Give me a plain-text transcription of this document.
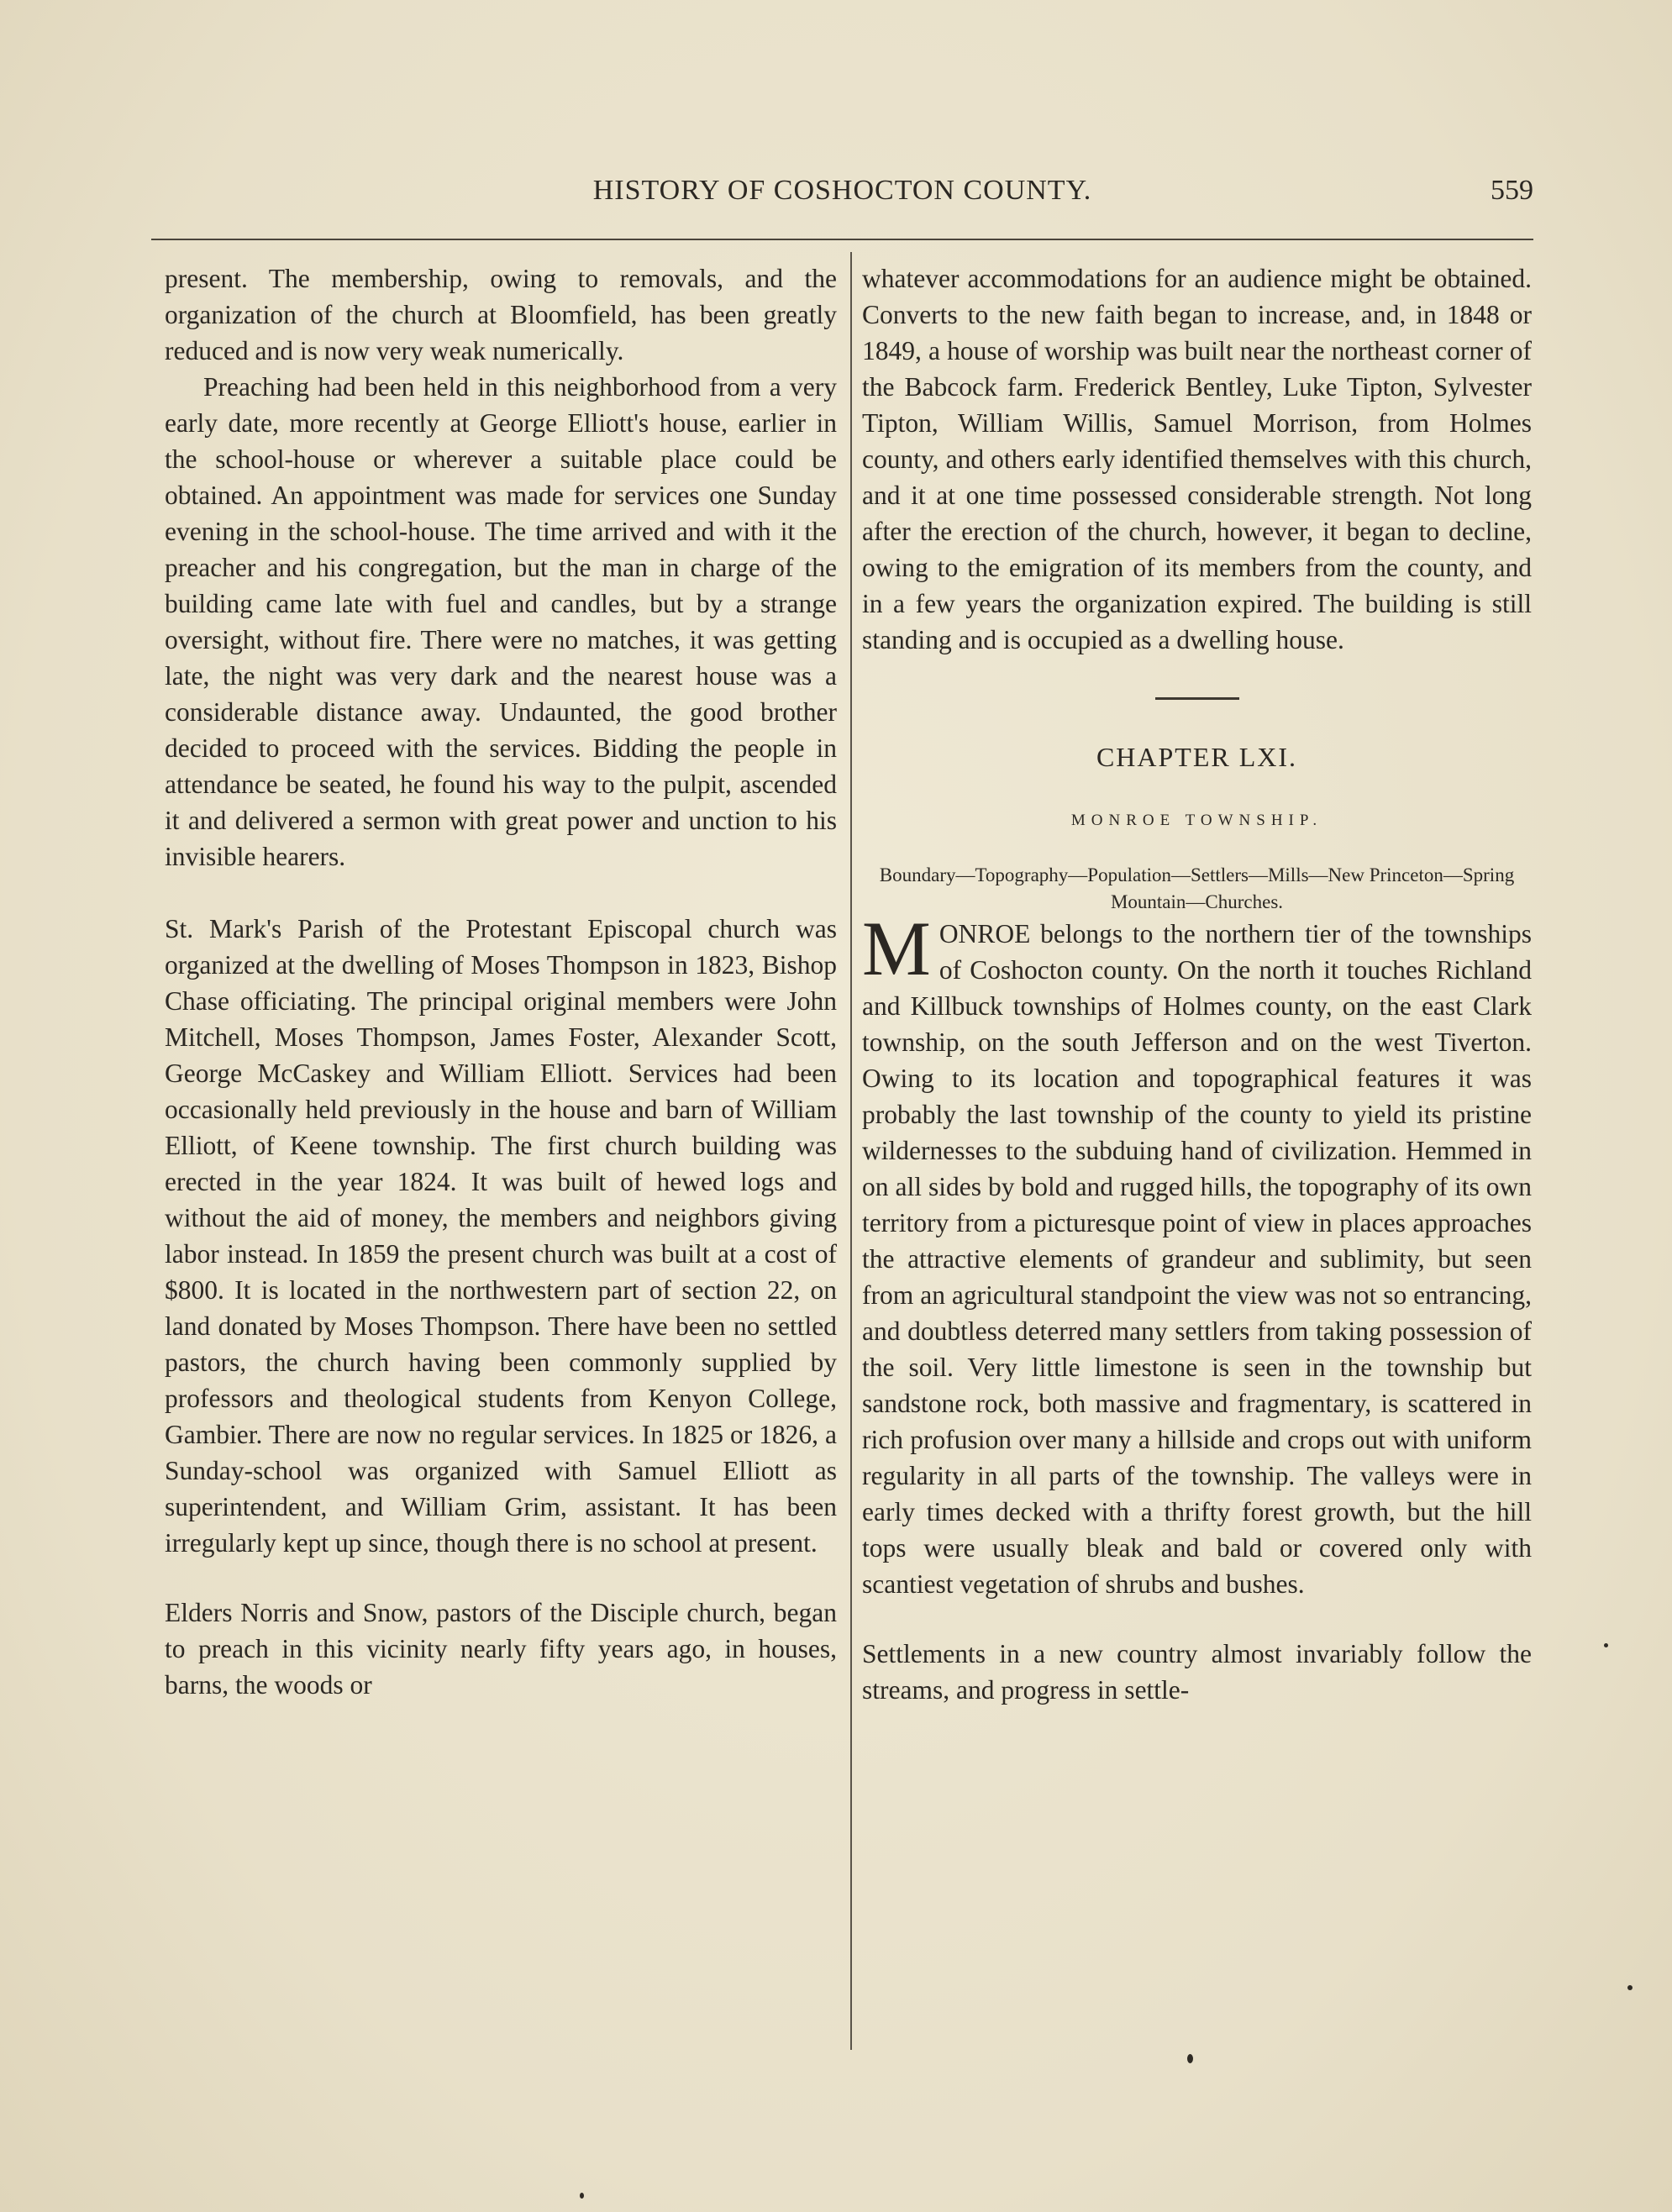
HISTORY OF COSHOCTON COUNTY.	559

present. The membership, owing to removals, and the organization of the church at Bloomfield, has been greatly reduced and is now very weak numerically.

Preaching had been held in this neighborhood from a very early date, more recently at George Elliott's house, earlier in the school-house or wherever a suitable place could be obtained. An appointment was made for services one Sunday evening in the school-house. The time arrived and with it the preacher and his congregation, but the man in charge of the building came late with fuel and candles, but by a strange oversight, without fire. There were no matches, it was getting late, the night was very dark and the nearest house was a considerable distance away. Undaunted, the good brother decided to proceed with the services. Bidding the people in attendance be seated, he found his way to the pulpit, ascended it and delivered a sermon with great power and unction to his invisible hearers.

St. Mark's Parish of the Protestant Episcopal church was organized at the dwelling of Moses Thompson in 1823, Bishop Chase officiating. The principal original members were John Mitchell, Moses Thompson, James Foster, Alexander Scott, George McCaskey and William Elliott. Services had been occasionally held previously in the house and barn of William Elliott, of Keene township. The first church building was erected in the year 1824. It was built of hewed logs and without the aid of money, the members and neighbors giving labor instead. In 1859 the present church was built at a cost of $800. It is located in the northwestern part of section 22, on land donated by Moses Thompson. There have been no settled pastors, the church having been commonly supplied by professors and theological students from Kenyon College, Gambier. There are now no regular services. In 1825 or 1826, a Sunday-school was organized with Samuel Elliott as superintendent, and William Grim, assistant. It has been irregularly kept up since, though there is no school at present.

Elders Norris and Snow, pastors of the Disciple church, began to preach in this vicinity nearly fifty years ago, in houses, barns, the woods or

whatever accommodations for an audience might be obtained. Converts to the new faith began to increase, and, in 1848 or 1849, a house of worship was built near the northeast corner of the Babcock farm. Frederick Bentley, Luke Tipton, Sylvester Tipton, William Willis, Samuel Morrison, from Holmes county, and others early identified themselves with this church, and it at one time possessed considerable strength. Not long after the erection of the church, however, it began to decline, owing to the emigration of its members from the county, and in a few years the organization expired. The building is still standing and is occupied as a dwelling house.

CHAPTER LXI.
MONROE TOWNSHIP.
Boundary—Topography—Population—Settlers—Mills—New Princeton—Spring Mountain—Churches.

MONROE belongs to the northern tier of the townships of Coshocton county. On the north it touches Richland and Killbuck townships of Holmes county, on the east Clark township, on the south Jefferson and on the west Tiverton. Owing to its location and topographical features it was probably the last township of the county to yield its pristine wildernesses to the subduing hand of civilization. Hemmed in on all sides by bold and rugged hills, the topography of its own territory from a picturesque point of view in places approaches the attractive elements of grandeur and sublimity, but seen from an agricultural standpoint the view was not so entrancing, and doubtless deterred many settlers from taking possession of the soil. Very little limestone is seen in the township but sandstone rock, both massive and fragmentary, is scattered in rich profusion over many a hillside and crops out with uniform regularity in all parts of the township. The valleys were in early times decked with a thrifty forest growth, but the hill tops were usually bleak and bald or covered only with scantiest vegetation of shrubs and bushes.

Settlements in a new country almost invariably follow the streams, and progress in settle-
